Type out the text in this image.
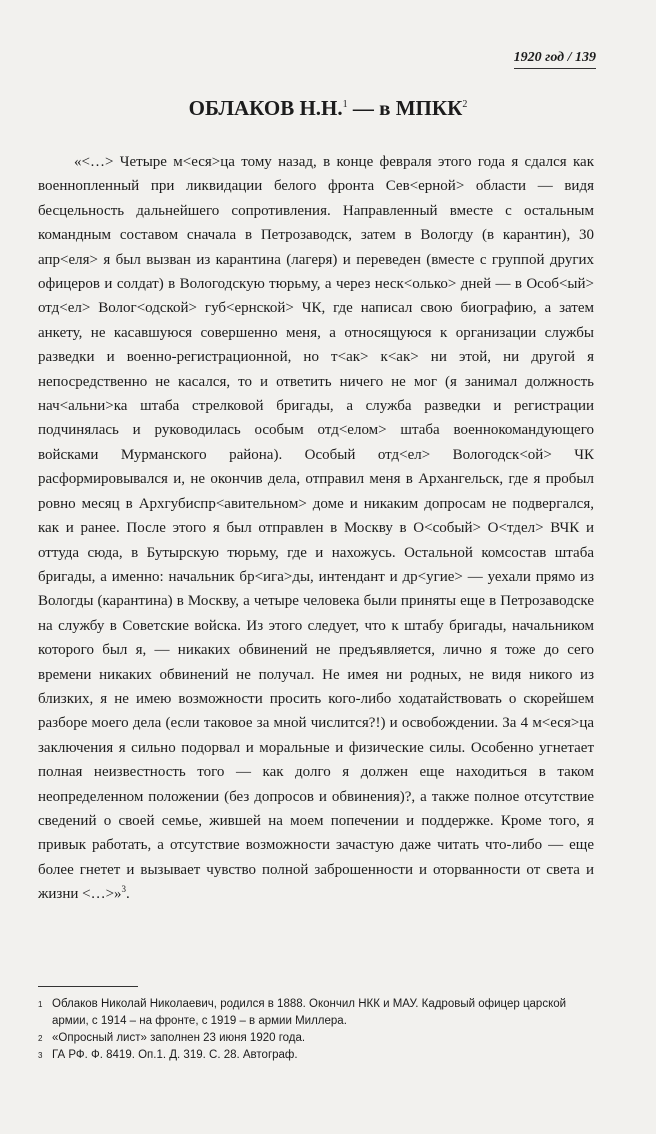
1920 год / 139
ОБЛАКОВ Н.Н.$^1$ — в МПКК$^2$

«<…> Четыре м<еся>ца тому назад, в конце февраля этого года я сдался как военнопленный при ликвидации белого фронта Сев<ерной> области — видя бесцельность дальнейшего сопротивления. Направленный вместе с остальным командным составом сначала в Петрозаводск, затем в Вологду (в карантин), 30 апр<еля> я был вызван из карантина (лагеря) и переведен (вместе с группой других офицеров и солдат) в Вологодскую тюрьму, а через неск<олько> дней — в Особ<ый> отд<ел> Волог<одской> губ<ернской> ЧК, где написал свою биографию, а затем анкету, не касавшуюся совершенно меня, а относящуюся к организации службы разведки и военно-регистрационной, но т<ак> к<ак> ни этой, ни другой я непосредственно не касался, то и ответить ничего не мог (я занимал должность нач<альни>ка штаба стрелковой бригады, а служба разведки и регистрации подчинялась и руководилась особым отд<елом> штаба военнокомандующего войсками Мурманского района). Особый отд<ел> Вологодск<ой> ЧК расформировывался и, не окончив дела, отправил меня в Архангельск, где я пробыл ровно месяц в Архгубиспр<авительном> доме и никаким допросам не подвергался, как и ранее. После этого я был отправлен в Москву в О<собый> О<тдел> ВЧК и оттуда сюда, в Бутырскую тюрьму, где и нахожусь. Остальной комсостав штаба бригады, а именно: начальник бр<ига>ды, интендант и др<угие> — уехали прямо из Вологды (карантина) в Москву, а четыре человека были приняты еще в Петрозаводске на службу в Советские войска. Из этого следует, что к штабу бригады, начальником которого был я, — никаких обвинений не предъявляется, лично я тоже до сего времени никаких обвинений не получал. Не имея ни родных, не видя никого из близких, я не имею возможности просить кого-либо ходатайствовать о скорейшем разборе моего дела (если таковое за мной числится?!) и освобождении. За 4 м<еся>ца заключения я сильно подорвал и моральные и физические силы. Особенно угнетает полная неизвестность того — как долго я должен еще находиться в таком неопределенном положении (без допросов и обвинения)?, а также полное отсутствие сведений о своей семье, жившей на моем попечении и поддержке. Кроме того, я привык работать, а отсутствие возможности зачастую даже читать что-либо — еще более гнетет и вызывает чувство полной заброшенности и оторванности от света и жизни <…>»$^3$.

1 Облаков Николай Николаевич, родился в 1888. Окончил НКК и МАУ. Кадровый офицер царской армии, с 1914 – на фронте, с 1919 – в армии Миллера.
2 «Опросный лист» заполнен 23 июня 1920 года.
3 ГА РФ. Ф. 8419. Оп.1. Д. 319. С. 28. Автограф.
